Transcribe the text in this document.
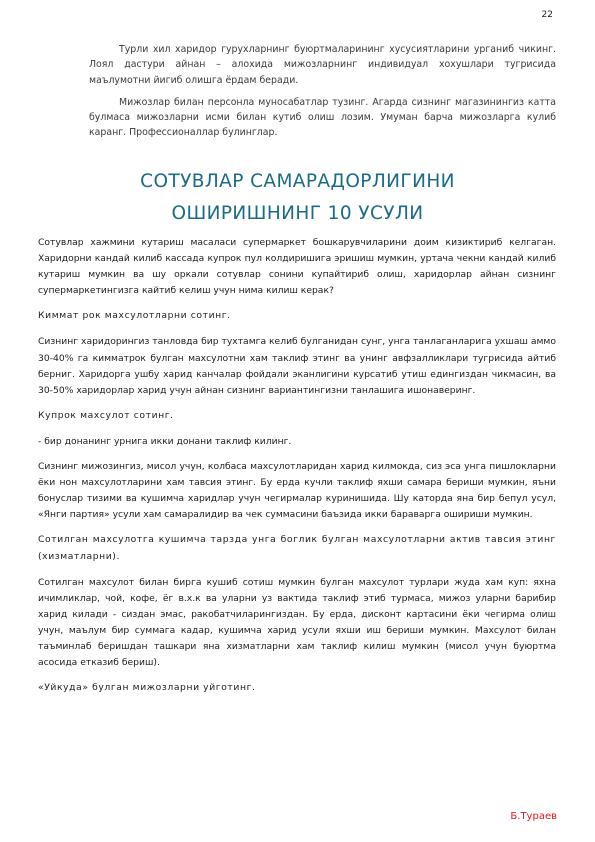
22

Турли хил харидор гурухларнинг буюртмаларининг хусусиятларини урганиб чикинг. Лоял дастури айнан – алохида мижозларнинг индивидуал хохушлари тугрисида маълумотни йигиб олишга ёрдам беради.

Мижозлар билан персонла муносабатлар тузинг. Агарда сизнинг магазинингиз катта булмаса мижозларни исми билан кутиб олиш лозим. Умуман барча мижозларга кулиб каранг. Профессионаллар булинглар.

СОТУВЛАР САМАРАДОРЛИГИНИ
ОШИРИШНИНГ 10 УСУЛИ

Сотувлар хажмини кутариш масаласи супермаркет бошкарувчиларини доим кизиктириб келгаган. Харидорни кандай килиб кассада купрок пул колдиришига эришиш мумкин, уртача чекни кандай килиб кутариш мумкин ва шу оркали сотувлар сонини купайтириб олиш, харидорлар айнан сизнинг супермаркетингизга кайтиб келиш учун нима килиш керак?

Киммат рок махсулотларни сотинг.

Сизнинг харидорингиз танловда бир тухтамга келиб булганидан сунг, унга танлаганларига ухшаш аммо 30-40% га кимматрок булган махсулотни хам таклиф этинг ва унинг авфзалликлари тугрисида айтиб берниг. Харидорга ушбу харид канчалар фойдали эканлигини курсатиб утиш едингиздан чикмасин, ва 30-50% харидорлар харид учун айнан сизнинг вариантингизни танлашига ишонаверинг.

Купрок махсулот сотинг.

- бир донанинг урнига икки донани таклиф килинг.

Сизнинг мижозингиз, мисол учун, колбаса махсулотларидан харид килмокда, сиз эса унга пишлокларни ёки нон махсулотларини хам тавсия этинг. Бу ерда кучли таклиф яхши самара бериши мумкин, яъни бонуслар тизими ва кушимча харидлар учун чегирмалар куринишида. Шу каторда яна бир бепул усул, «Янги партия» усули хам самаралидир ва чек суммасини баъзида икки бараварга ошириши мумкин.

Сотилган махсулотга кушимча тарзда унга боглик булган махсулотларни актив тавсия этинг (хизматларни).

Сотилган махсулот билан бирга кушиб сотиш мумкин булган махсулот турлари жуда хам куп: яхна ичимликлар, чой, кофе, ёг в.х.к ва уларни уз вактида таклиф этиб турмаса, мижоз уларни барибир харид килади - сиздан эмас, ракобатчиларингиздан. Бу ерда, дисконт картасини ёки чегирма олиш учун, маълум бир суммага кадар, кушимча харид усули яхши иш бериши мумкин. Махсулот билан таъминлаб беришдан ташкари яна хизматларни хам таклиф килиш мумкин (мисол учун буюртма асосида етказиб бериш).

«Уйкуда» булган мижозларни уйготинг.

Б.Тураев
